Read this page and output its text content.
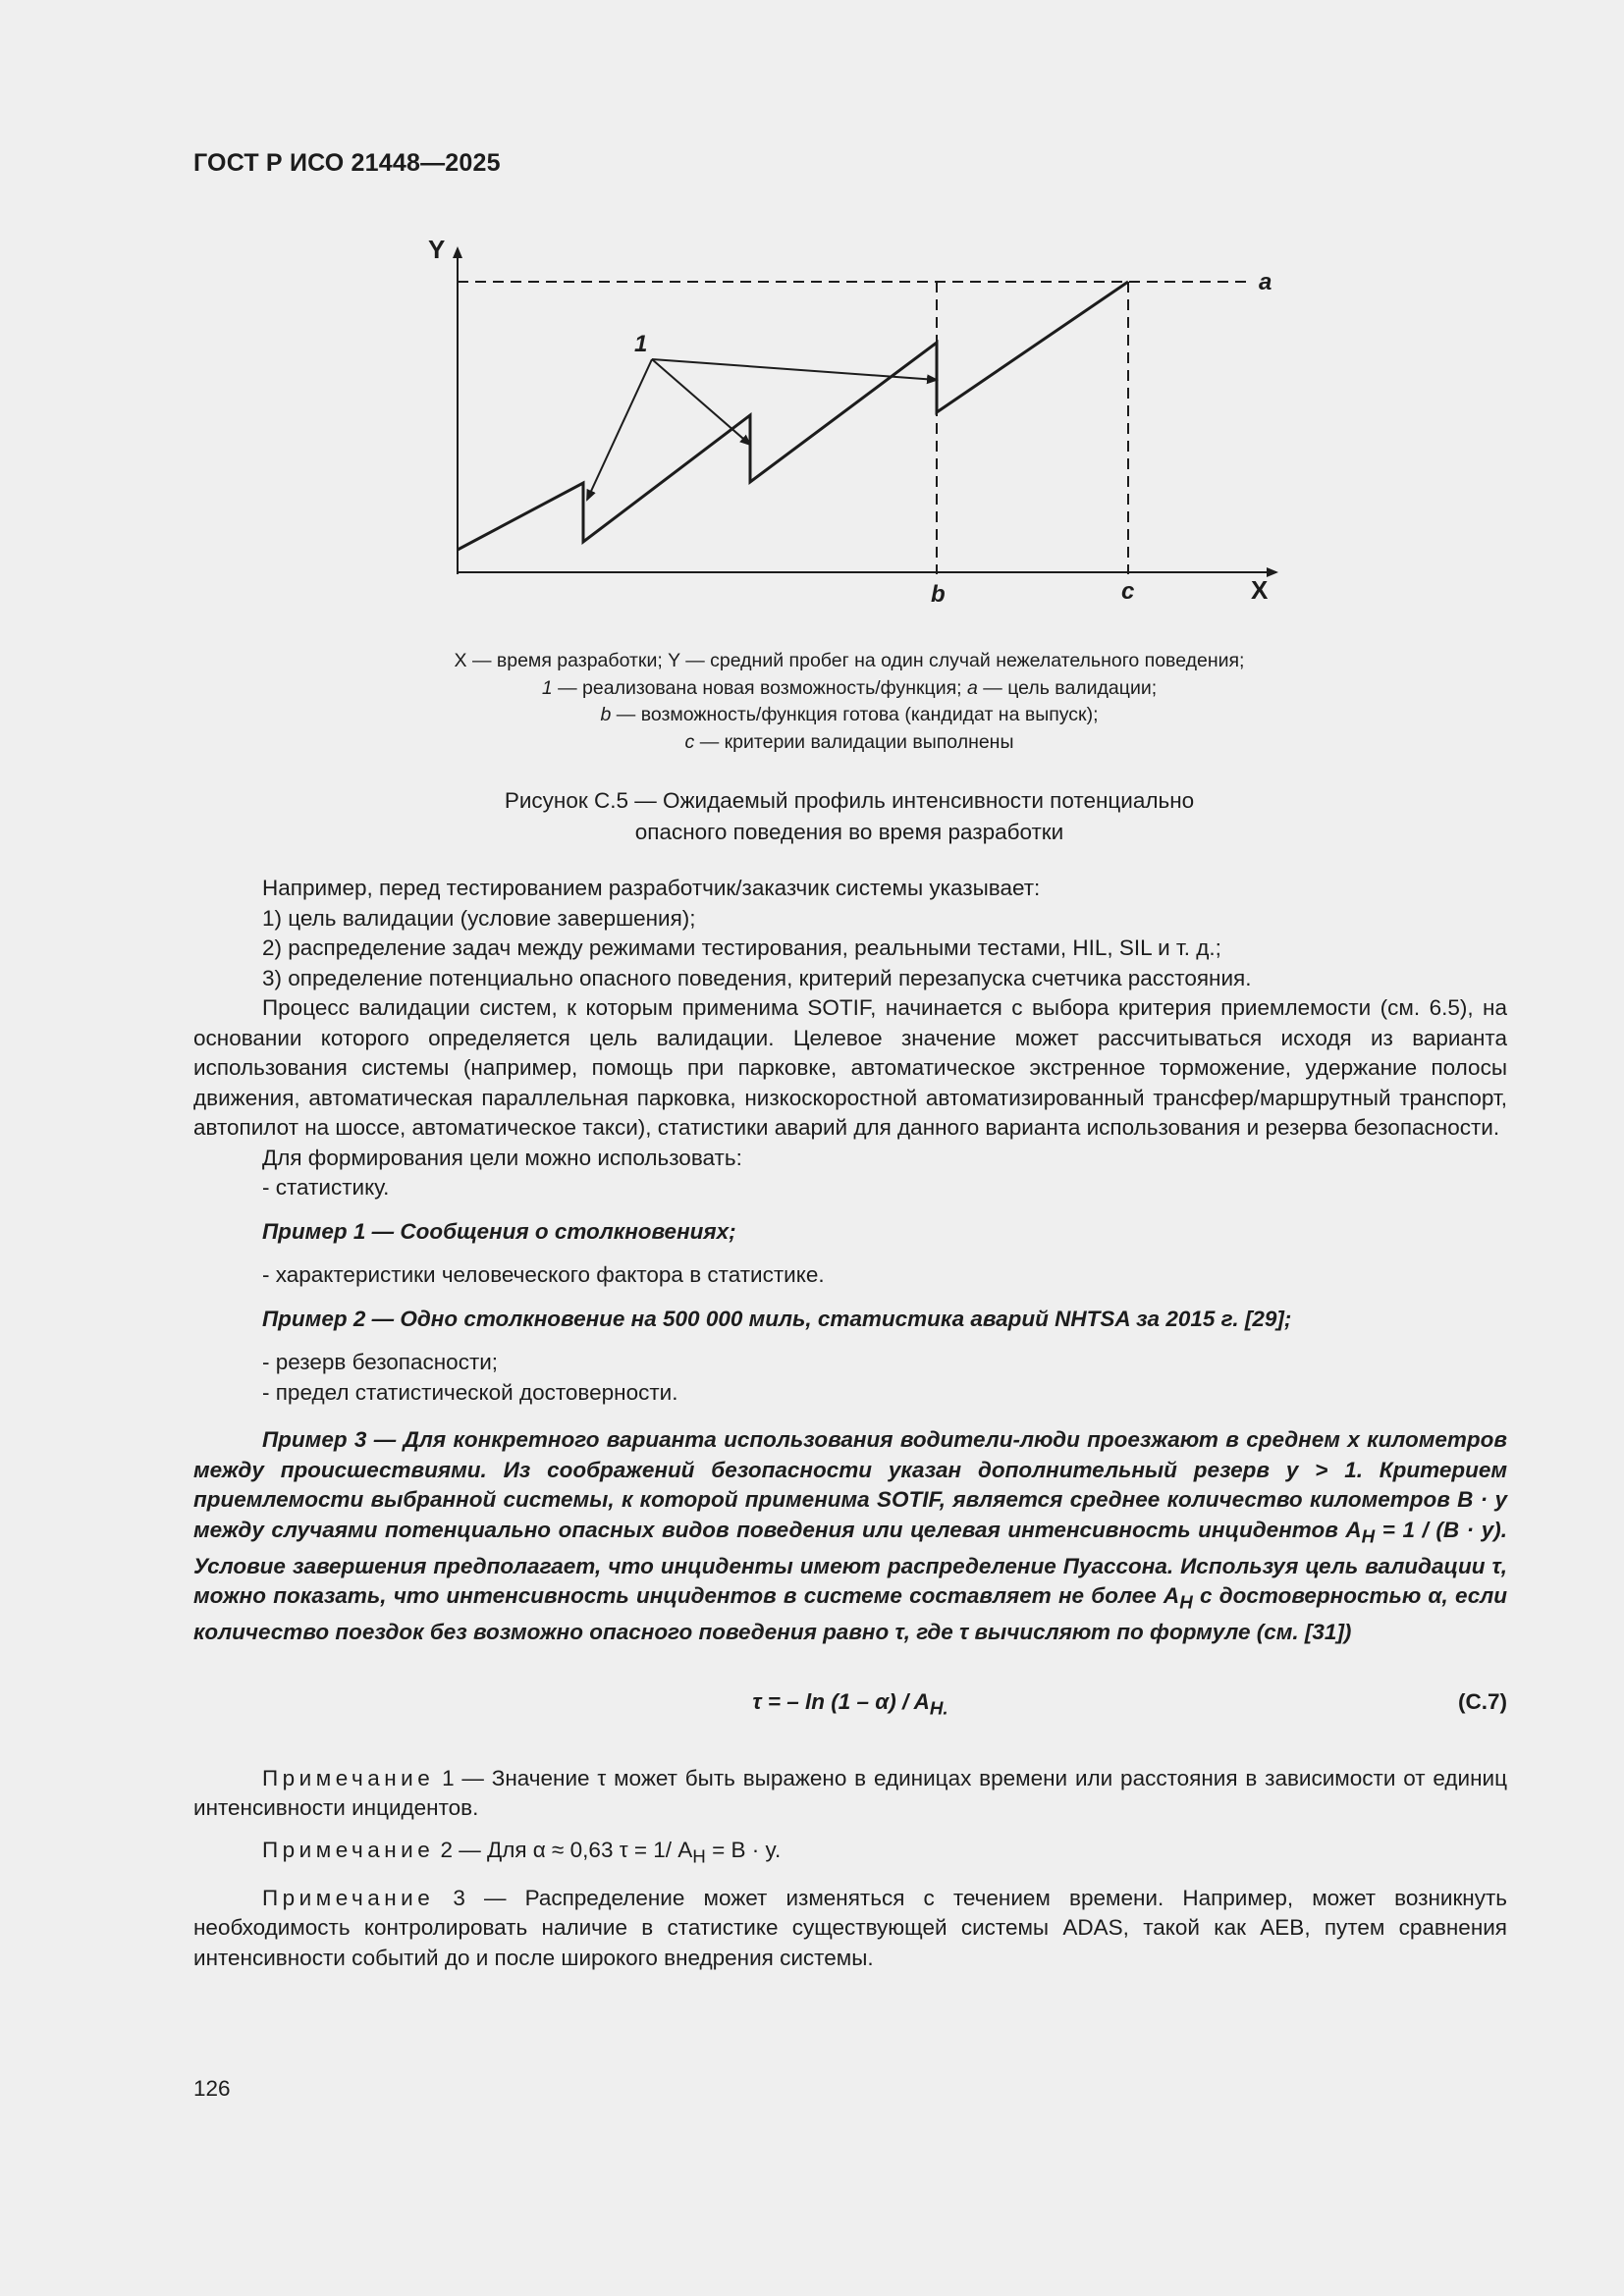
ГОСТ Р ИСО 21448—2025
Y
X
1
a
b	c
X — время разработки; Y — средний пробег на один случай нежелательного поведения;
1 — реализована новая возможность/функция; a — цель валидации;
b — возможность/функция готова (кандидат на выпуск);
c — критерии валидации выполнены
Рисунок С.5 — Ожидаемый профиль интенсивности потенциально
опасного поведения во время разработки

Например, перед тестированием разработчик/заказчик системы указывает:

1) цель валидации (условие завершения);

2) распределение задач между режимами тестирования, реальными тестами, HIL, SIL и т. д.;

3) определение потенциально опасного поведения, критерий перезапуска счетчика расстояния.

Процесс валидации систем, к которым применима SOTIF, начинается с выбора критерия приемлемости (см. 6.5), на основании которого определяется цель валидации. Целевое значение может рассчитываться исходя из варианта использования системы (например, помощь при парковке, автоматическое экстренное торможение, удержание полосы движения, автоматическая параллельная парковка, низкоскоростной автоматизированный трансфер/маршрутный транспорт, автопилот на шоссе, автоматическое такси), статистики аварий для данного варианта использования и резерва безопасности.

Для формирования цели можно использовать:

- статистику.

Пример 1 — Сообщения о столкновениях;

- характеристики человеческого фактора в статистике.

Пример 2 — Одно столкновение на 500 000 миль, статистика аварий NHTSA за 2015 г. [29];

- резерв безопасности;

- предел статистической достоверности.

Пример 3 — Для конкретного варианта использования водители-люди проезжают в среднем x километров между происшествиями. Из соображений безопасности указан дополнительный резерв y > 1. Критерием приемлемости выбранной системы, к которой применима SOTIF, является среднее количество километров B · y между случаями потенциально опасных видов поведения или целевая интенсивность инцидентов $A_H = 1 / (B \cdot y)$. Условие завершения предполагает, что инциденты имеют распределение Пуассона. Используя цель валидации τ, можно показать, что интенсивность инцидентов в системе составляет не более $A_H$ с достоверностью α, если количество поездок без возможно опасного поведения равно τ, где τ вычисляют по формуле (см. [31])

τ = – $\ln (1 - \alpha) / A_{H.}$	(С.7)

Примечание 1 — Значение τ может быть выражено в единицах времени или расстояния в зависимости от единиц интенсивности инцидентов.

Примечание 2 — Для α ≈ 0,63 τ = 1/ $A_H = B \cdot y$.

Примечание 3 — Распределение может изменяться с течением времени. Например, может возникнуть необходимость контролировать наличие в статистике существующей системы ADAS, такой как AEB, путем сравнения интенсивности событий до и после широкого внедрения системы.

126
